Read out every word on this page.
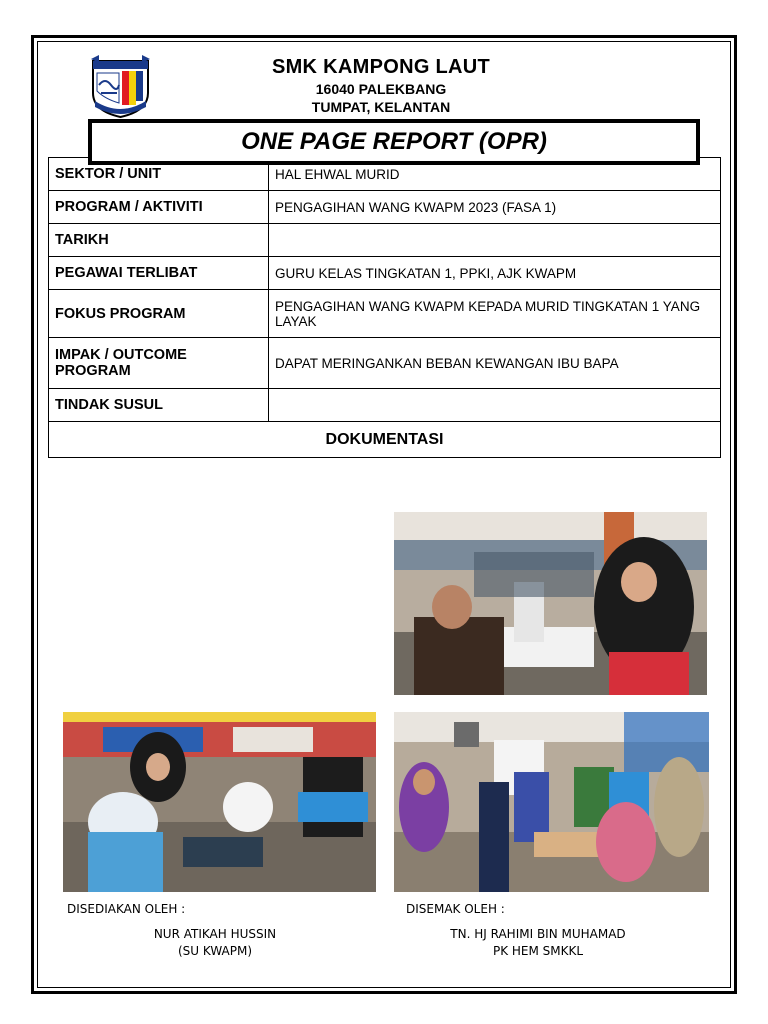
SMK KAMPONG LAUT
16040 PALEKBANG
TUMPAT, KELANTAN
SEKTOR / UNIT	HAL EHWAL MURID
PROGRAM / AKTIVITI	PENGAGIHAN WANG KWAPM 2023 (FASA 1)
TARIKH	
PEGAWAI TERLIBAT	GURU KELAS TINGKATAN 1, PPKI, AJK KWAPM
FOKUS PROGRAM	PENGAGIHAN WANG KWAPM KEPADA MURID TINGKATAN 1 YANG LAYAK
IMPAK / OUTCOME PROGRAM	DAPAT MERINGANKAN BEBAN KEWANGAN IBU BAPA
TINDAK SUSUL	
DOKUMENTASI	
ONE PAGE REPORT (OPR)
DISEDIAKAN OLEH :	DISEMAK OLEH :
NUR ATIKAH HUSSIN
(SU KWAPM)
TN. HJ RAHIMI BIN MUHAMAD
PK HEM SMKKL
